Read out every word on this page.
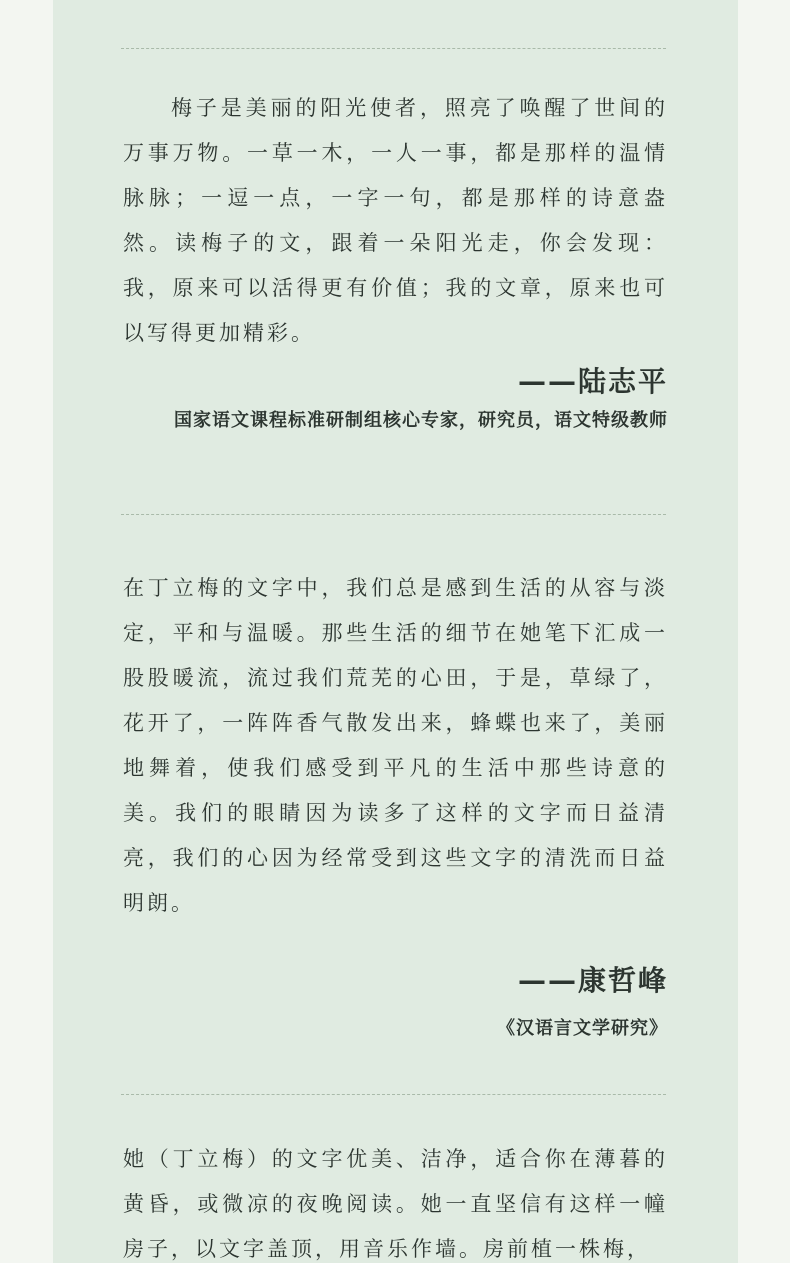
梅子是美丽的阳光使者，照亮了唤醒了世间的万事万物。一草一木，一人一事，都是那样的温情脉脉；一逗一点，一字一句，都是那样的诗意盎然。读梅子的文，跟着一朵阳光走，你会发现：我，原来可以活得更有价值；我的文章，原来也可以写得更加精彩。

——陆志平

国家语文课程标准研制组核心专家，研究员，语文特级教师

在丁立梅的文字中，我们总是感到生活的从容与淡定，平和与温暖。那些生活的细节在她笔下汇成一股股暖流，流过我们荒芜的心田，于是，草绿了，花开了，一阵阵香气散发出来，蜂蝶也来了，美丽地舞着，使我们感受到平凡的生活中那些诗意的美。我们的眼睛因为读多了这样的文字而日益清亮，我们的心因为经常受到这些文字的清洗而日益明朗。

——康哲峰

《汉语言文学研究》

她（丁立梅）的文字优美、洁净，适合你在薄暮的黄昏，或微凉的夜晚阅读。她一直坚信有这样一幢房子，以文字盖顶，用音乐作墙。房前植一株梅，
